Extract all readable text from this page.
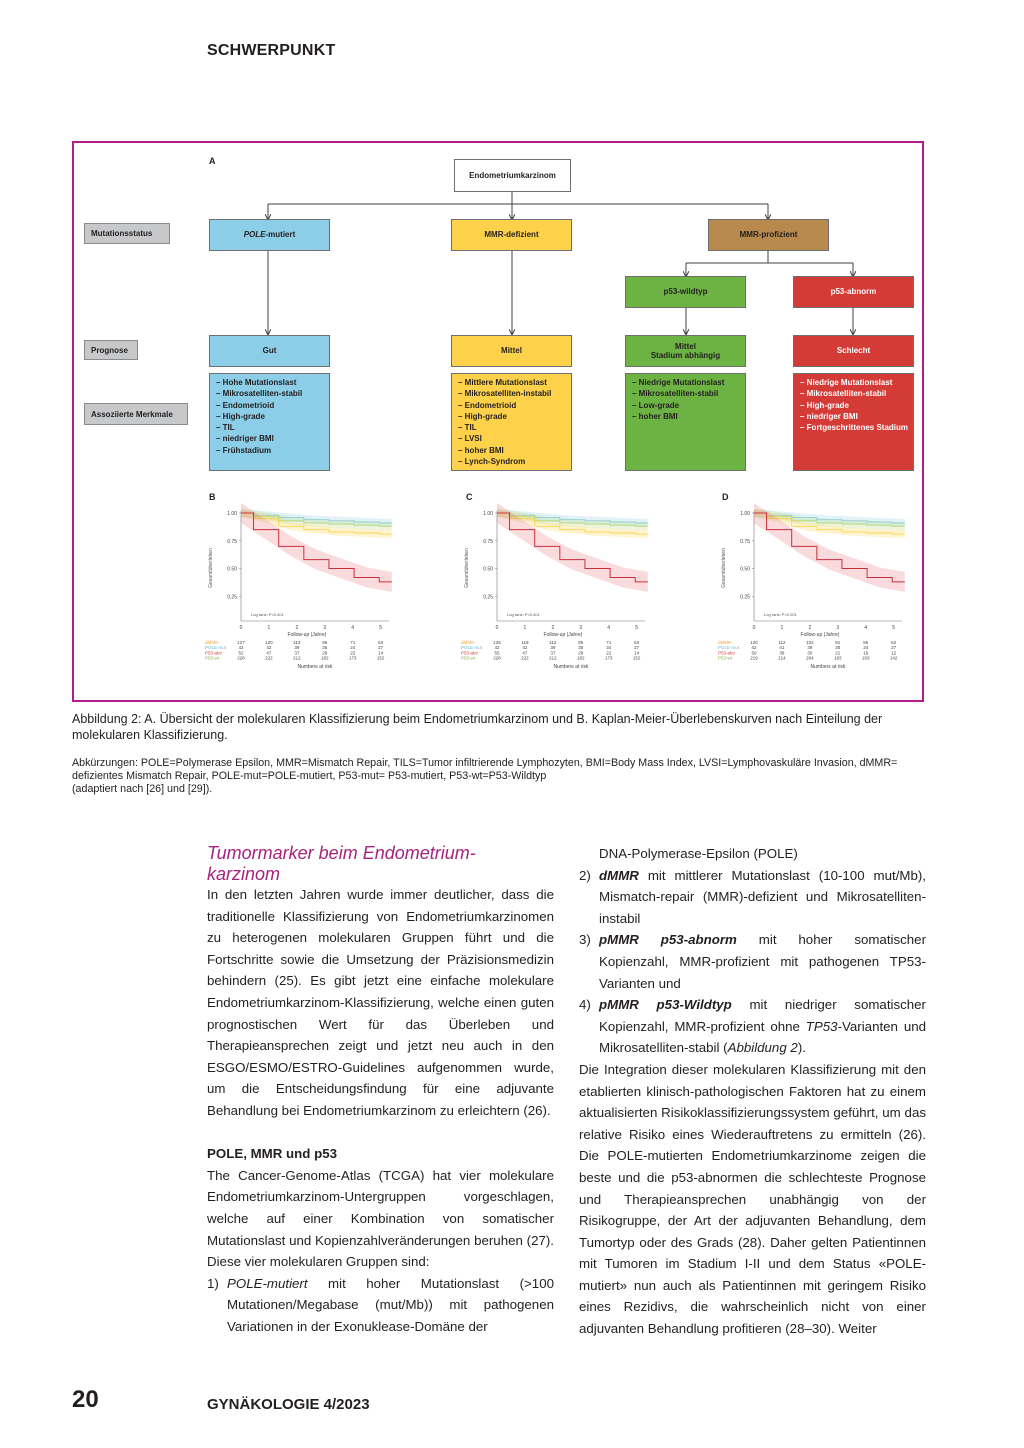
SCHWERPUNKT
A
Endometriumkarzinom
Mutationsstatus
Prognose
Assoziierte Merkmale
POLE -mutiert	MMR-defizient	MMR-profizient
p53-wildtyp	p53-abnorm
Gut	Mittel
Mittel
Stadium abhängig
Schlecht
– Hohe Mutationslast
– Mikrosatelliten-stabil
– Endometrioid
– High-grade
– TIL
– niedriger BMI
– Frühstadium
– Mittlere Mutationslast
– Mikrosatelliten-instabil
– Endometrioid
– High-grade
– TIL
– LVSI
– hoher BMI
– Lynch-Syndrom
– Niedrige Mutationslast
– Mikrosatelliten-stabil
– Low-grade
– hoher BMI
– Niedrige Mutationslast
– Mikrosatelliten-stabil
– High-grade
– niedriger BMI
– Fortgeschrittenes Stadium
B	C	D
Gesamtüberleben
1.00
0.75
0.50
0.25
0	1	2	3	4	5
Follow-up (Jahre)
Log rank: P<0.001
dMMR	127	120	113	96	71	63
POLE-mut	42	42	39	35	24	27
P53-abn	52	47	37	28	22	14
P53-wt	228	222	212	182	173	152
Numbers at risk
Gesamtüberleben
1.00
0.75
0.50
0.25
0	1	2	3	4	5
Follow-up (Jahre)
Log rank: P<0.001
dMMR	126	119	112	85	71	63
POLE-mut	42	42	39	30	34	27
P53-abn	55	47	37	28	22	14
P53-wt	228	222	212	182	173	152
Numbers at risk
Gesamtüberleben
1.00
0.75
0.50
0.25
0	1	2	3	4	5
Follow-up (Jahre)
Log rank: P<0.001
dMMR	120	112	102	91	66	62
POLE-mut	42	41	39	35	34	27
P53-abn	50	38	30	21	16	12
P53-wt	219	214	204	183	163	142
Numbers at risk
Abbildung 2: A. Übersicht der molekularen Klassifizierung beim Endometriumkarzinom und B. Kaplan-Meier-Überlebenskurven nach Einteilung der molekularen Klassifizierung.
Abkürzungen: POLE=Polymerase Epsilon, MMR=Mismatch Repair, TILS=Tumor infiltrierende Lymphozyten, BMI=Body Mass Index, LVSI=Lymphovaskuläre Invasion, dMMR= defizientes Mismatch Repair, POLE-mut=POLE-mutiert, P53-mut= P53-mutiert, P53-wt=P53-Wildtyp
(adaptiert nach [26] und [29]).
Tumormarker beim Endometrium-karzinom

In den letzten Jahren wurde immer deutlicher, dass die traditionelle Klassifizierung von Endometriumkarzinomen zu heterogenen molekularen Gruppen führt und die Fortschritte sowie die Umsetzung der Präzisionsmedizin behindern (25). Es gibt jetzt eine einfache molekulare Endometriumkarzinom-Klassifizierung, welche einen guten prognostischen Wert für das Überleben und Therapieansprechen zeigt und jetzt neu auch in den ESGO/ESMO/ESTRO-Guidelines aufgenommen wurde, um die Entscheidungsfindung für eine adjuvante Behandlung bei Endometriumkarzinom zu erleichtern (26).

POLE, MMR und p53

The Cancer-Genome-Atlas (TCGA) hat vier molekulare Endometriumkarzinom-Untergruppen vorgeschlagen, welche auf einer Kombination von somatischer Mutationslast und Kopienzahlveränderungen beruhen (27). Diese vier molekularen Gruppen sind:

1) POLE-mutiert mit hoher Mutationslast (>100 Mutationen/Megabase (mut/Mb)) mit pathogenen Variationen in der Exonuklease-Domäne der

DNA-Polymerase-Epsilon (POLE)

2) dMMR mit mittlerer Mutationslast (10-100 mut/Mb), Mismatch-repair (MMR)-defizient und Mikrosatelliten-instabil

3) pMMR p53-abnorm mit hoher somatischer Kopienzahl, MMR-profizient mit pathogenen TP53-Varianten und

4) pMMR p53-Wildtyp mit niedriger somatischer Kopienzahl, MMR-profizient ohne TP53-Varianten und Mikrosatelliten-stabil (Abbildung 2).

Die Integration dieser molekularen Klassifizierung mit den etablierten klinisch-pathologischen Faktoren hat zu einem aktualisierten Risikoklassifizierungssystem geführt, um das relative Risiko eines Wiederauftretens zu ermitteln (26). Die POLE-mutierten Endometriumkarzinome zeigen die beste und die p53-abnormen die schlechteste Prognose und Therapieansprechen unabhängig von der Risikogruppe, der Art der adjuvanten Behandlung, dem Tumortyp oder des Grads (28). Daher gelten Patientinnen mit Tumoren im Stadium I-II und dem Status «POLE-mutiert» nun auch als Patientinnen mit geringem Risiko eines Rezidivs, die wahrscheinlich nicht von einer adjuvanten Behandlung profitieren (28–30). Weiter

20	GYNÄKOLOGIE 4/2023
